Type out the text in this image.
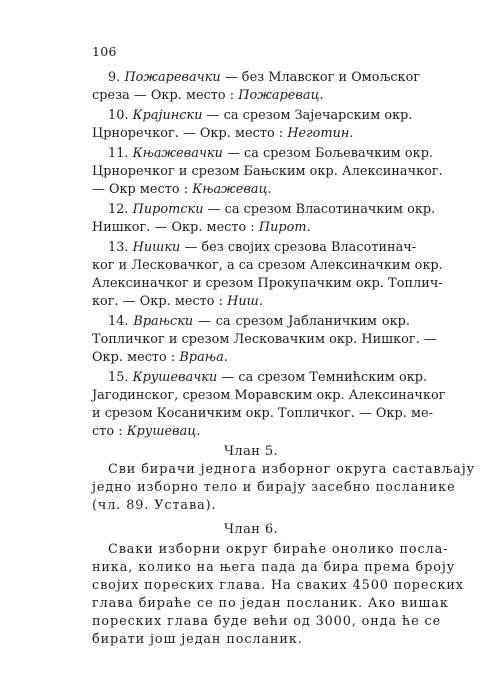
106
9. Пожаревачки — без Млавског и Омољског
среза — Окр. место : Пожаревац.
10. Крајински — са срезом Зајечарским окр.
Црноречког. — Окр. место : Неготин.
11. Књажевачки — са срезом Бољевачким окр.
Црноречког и срезом Бањским окр. Алексиначког.
— Окр место : Књажевац.
12. Пиротски — са срезом Власотиначким окр.
Нишког. — Окр. место : Пирот.
13. Нишки — без својих срезова Власотинач-
ког и Лесковачког, а са срезом Алексиначким окр.
Алексиначког и срезом Прокупачким окр. Топлич-
ког. — Окр. место : Ниш.
14. Врањски — са срезом Јабланичким окр.
Топличког и срезом Лесковачким окр. Нишког. —
Окр. место : Врања.
15. Крушевачки — са срезом Темнићским окр.
Јагодинског, срезом Моравским окр. Алексиначког
и срезом Косаничким окр. Топличког. — Окр. ме-
сто : Крушевац.
Члан 5.
Сви бирачи једнога изборног округа састављају
једно изборно тело и бирају засебно посланике
(чл. 89. Устава).
Члан 6.
Сваки изборни округ бираће онолико посла-
ника, колико на њега пада да бира према броју
својих пореских глава. На сваких 4500 пореских
глава бираће се по један посланик. Ако вишак
пореских глава буде већи од 3000, онда ће се
бирати још један посланик.
